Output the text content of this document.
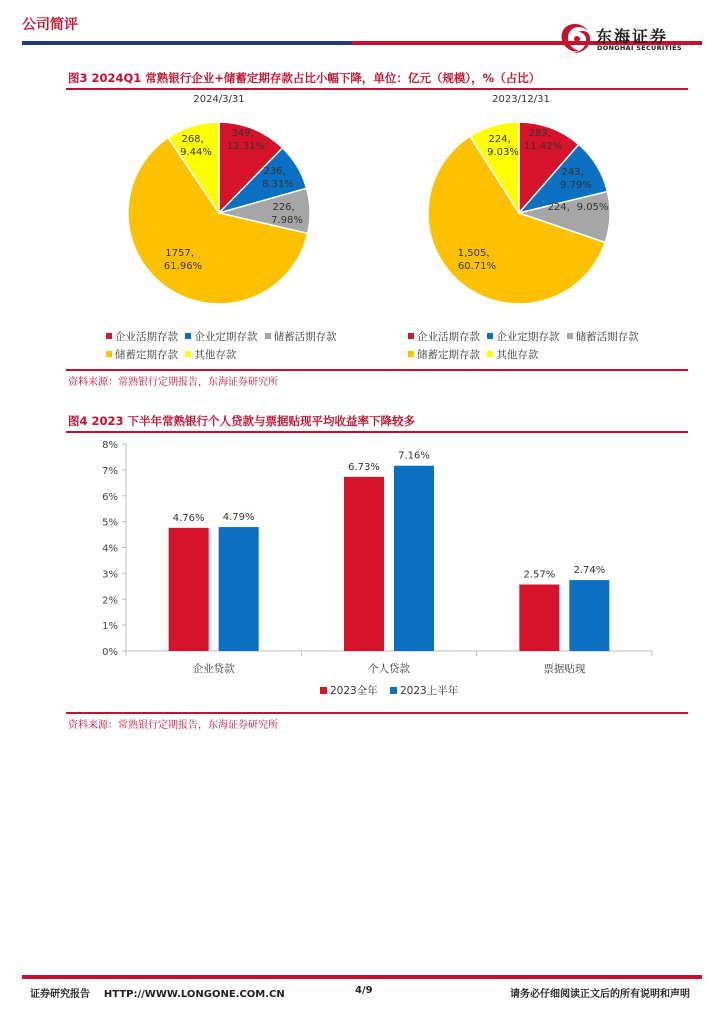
公司简评
东海证券
DONGHAI SECURITIES
图3 2024Q1 常熟银行企业+储蓄定期存款占比小幅下降，单位：亿元（规模），%（占比）
2024/3/31	2023/12/31
349， 12.31%
236， 8.31%
226， 7.98%
1757， 61.96%
268， 9.44%
283， 11.42%
243， 9.79%
224，9.05%
1,505， 60.71%
224， 9.03%
企业活期存款 企业定期存款 储蓄活期存款
储蓄定期存款 其他存款
企业活期存款 企业定期存款 储蓄活期存款
储蓄定期存款 其他存款
资料来源：常熟银行定期报告，东海证券研究所
图4 2023 下半年常熟银行个人贷款与票据贴现平均收益率下降较多
0%
1%
2%
3%
4%
5%
6%
7%
8%
4.76% 4.79%
企业贷款
6.73%
7.16%
个人贷款
2.57% 2.74%
票据贴现
2023全年 2023上半年
资料来源：常熟银行定期报告，东海证券研究所
证券研究报告    HTTP://WWW.LONGONE.COM.CN	4/9	请务必仔细阅读正文后的所有说明和声明
